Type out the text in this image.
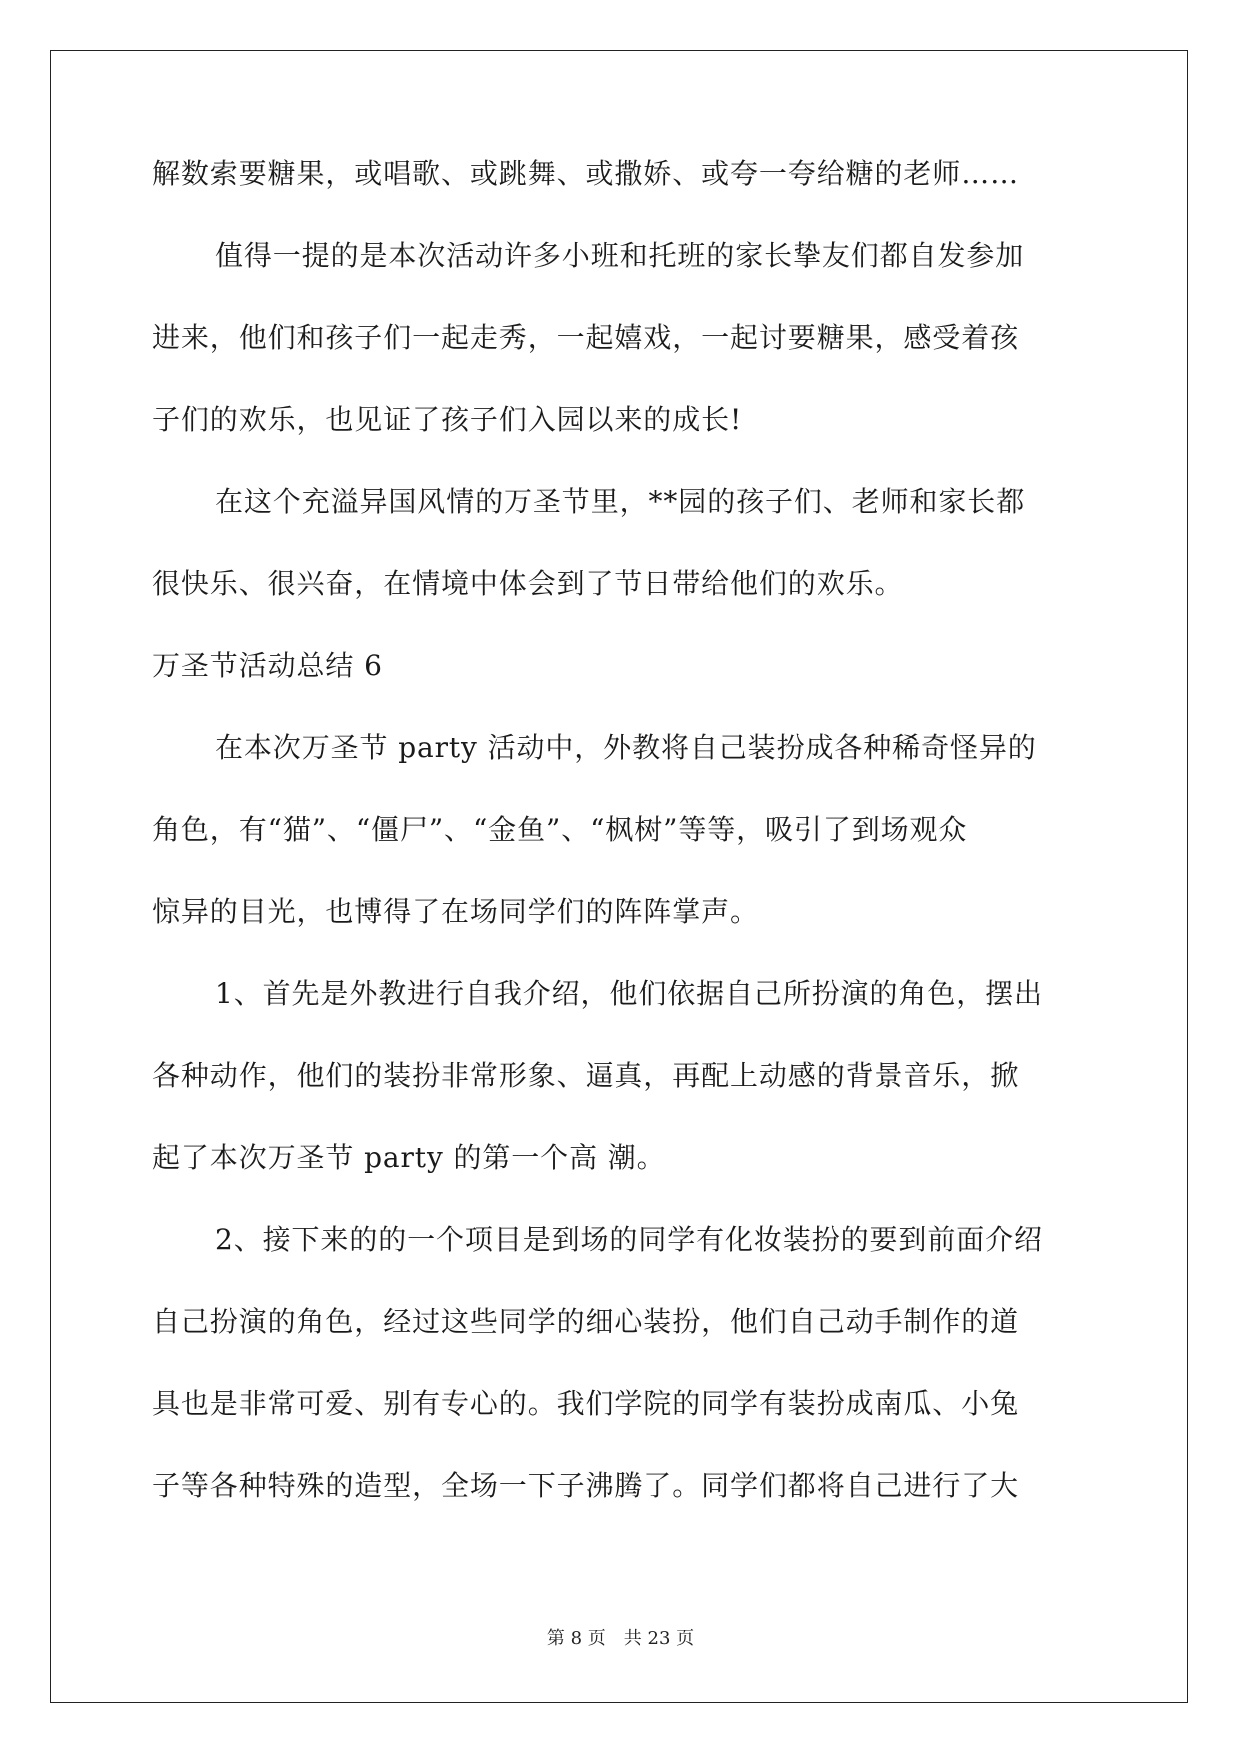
解数索要糖果，或唱歌、或跳舞、或撒娇、或夸一夸给糖的老师……
值得一提的是本次活动许多小班和托班的家长挚友们都自发参加
进来，他们和孩子们一起走秀，一起嬉戏，一起讨要糖果，感受着孩
子们的欢乐，也见证了孩子们入园以来的成长!
在这个充溢异国风情的万圣节里，**园的孩子们、老师和家长都
很快乐、很兴奋，在情境中体会到了节日带给他们的欢乐。
万圣节活动总结 6
在本次万圣节 party 活动中，外教将自己装扮成各种稀奇怪异的
角色，有“猫”、“僵尸”、“金鱼”、“枫树”等等，吸引了到场观众
惊异的目光，也博得了在场同学们的阵阵掌声。
1、首先是外教进行自我介绍，他们依据自己所扮演的角色，摆出
各种动作，他们的装扮非常形象、逼真，再配上动感的背景音乐，掀
起了本次万圣节 party 的第一个高 潮。
2、接下来的的一个项目是到场的同学有化妆装扮的要到前面介绍
自己扮演的角色，经过这些同学的细心装扮，他们自己动手制作的道
具也是非常可爱、别有专心的。我们学院的同学有装扮成南瓜、小兔
子等各种特殊的造型，全场一下子沸腾了。同学们都将自己进行了大
第 8 页　共 23 页
